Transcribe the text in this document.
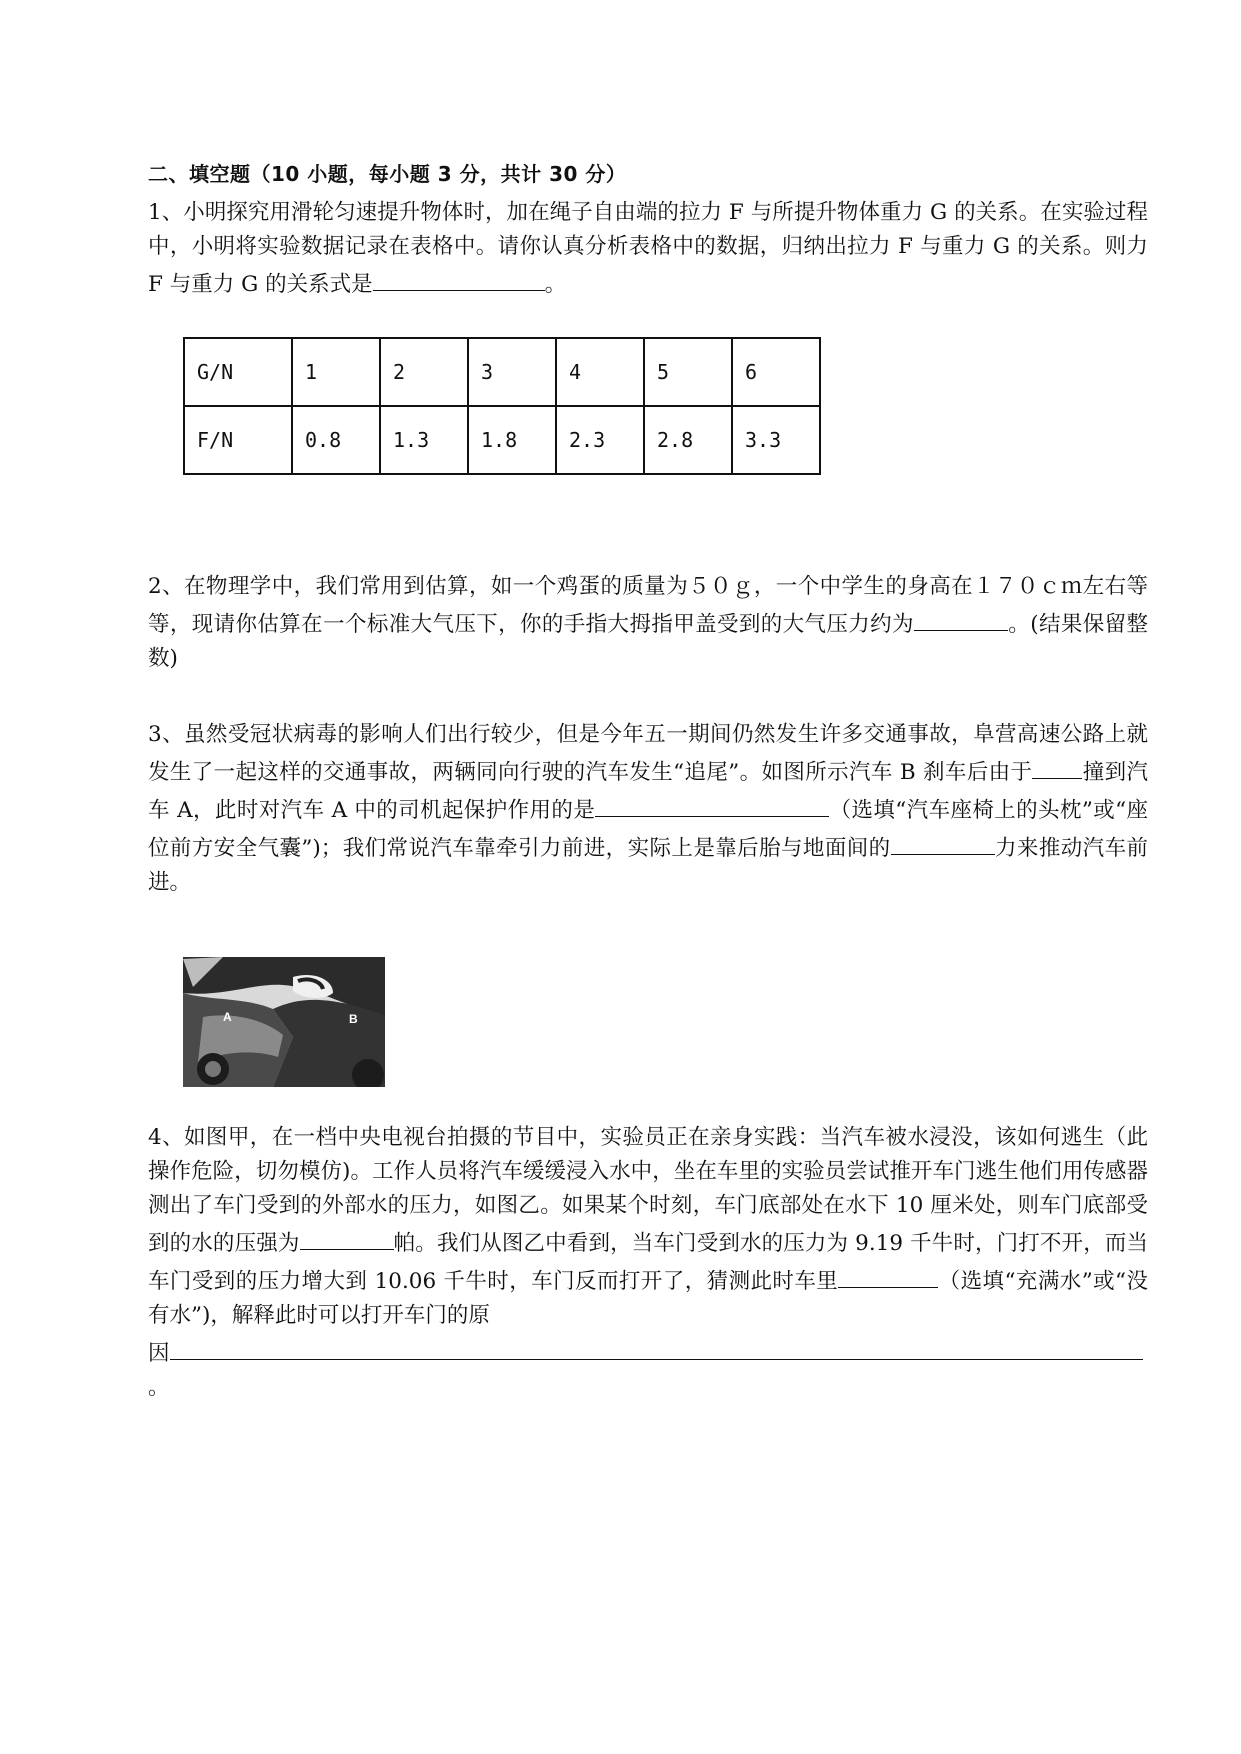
二、填空题（10 小题，每小题 3 分，共计 30 分）
1、小明探究用滑轮匀速提升物体时，加在绳子自由端的拉力 F 与所提升物体重力 G 的关系。在实验过程中，小明将实验数据记录在表格中。请你认真分析表格中的数据，归纳出拉力 F 与重力 G 的关系。则力 F 与重力 G 的关系式是	。
G/N	1	2	3	4	5	6
F/N	0.8	1.3	1.8	2.3	2.8	3.3
2、在物理学中，我们常用到估算，如一个鸡蛋的质量为５０ｇ，一个中学生的身高在１７０ｃｍ左右等等，现请你估算在一个标准大气压下，你的手指大拇指甲盖受到的大气压力约为	。(结果保留整数)
3、虽然受冠状病毒的影响人们出行较少，但是今年五一期间仍然发生许多交通事故，阜营高速公路上就发生了一起这样的交通事故，两辆同向行驶的汽车发生“追尾”。如图所示汽车 B 刹车后由于 撞到汽车 A，此时对汽车 A 中的司机起保护作用的是	（选填“汽车座椅上的头枕”或“座位前方安全气囊”)；我们常说汽车靠牵引力前进，实际上是靠后胎与地面间的	力来推动汽车前进。
A	B
4、如图甲，在一档中央电视台拍摄的节目中，实验员正在亲身实践：当汽车被水浸没，该如何逃生（此操作危险，切勿模仿)。工作人员将汽车缓缓浸入水中，坐在车里的实验员尝试推开车门逃生他们用传感器测出了车门受到的外部水的压力，如图乙。如果某个时刻，车门底部处在水下 10 厘米处，则车门底部受到的水的压强为	帕。我们从图乙中看到，当车门受到水的压力为 9.19 千牛时，门打不开，而当车门受到的压力增大到 10.06 千牛时，车门反而打开了，猜测此时车里	（选填“充满水”或“没有水”)，解释此时可以打开车门的原
因
。
